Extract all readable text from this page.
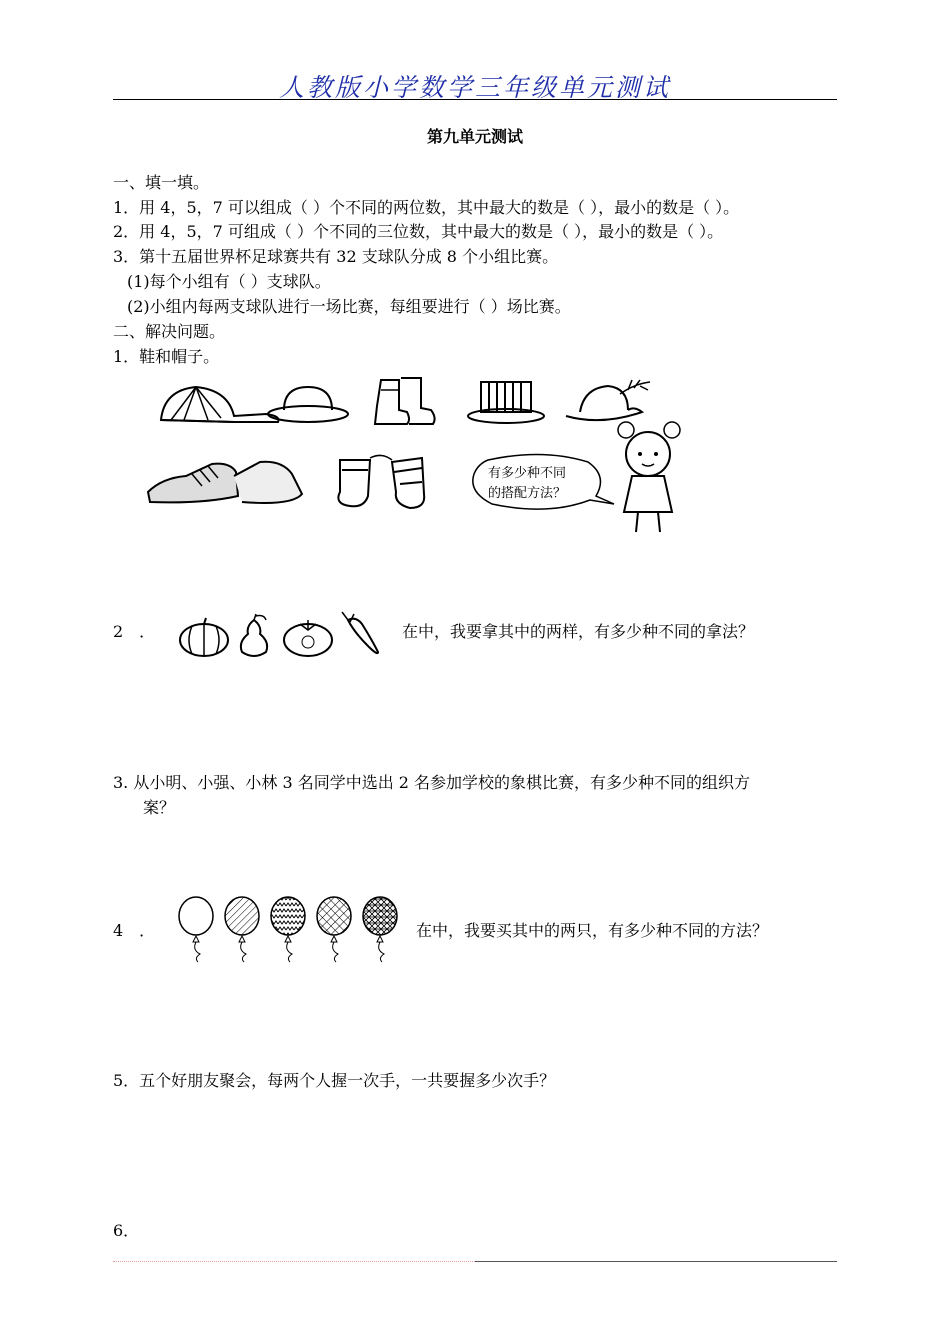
人教版小学数学三年级单元测试
第九单元测试
一、填一填。
1．用 4，5，7 可以组成（ ）个不同的两位数，其中最大的数是（ ），最小的数是（ ）。
2．用 4，5，7 可组成（ ）个不同的三位数，其中最大的数是（ ），最小的数是（ ）。
3．第十五届世界杯足球赛共有 32 支球队分成 8 个小组比赛。
(1)每个小组有（ ）支球队。
(2)小组内每两支球队进行一场比赛，每组要进行（ ）场比赛。
二、解决问题。
1．鞋和帽子。
有多少种不同
的搭配方法？
2　．	在中，我要拿其中的两样，有多少种不同的拿法？
3. 从小明、小强、小林 3 名同学中选出 2 名参加学校的象棋比赛，有多少种不同的组织方
案？
4　．	在中，我要买其中的两只，有多少种不同的方法？
5．五个好朋友聚会，每两个人握一次手，一共要握多少次手？
6．
